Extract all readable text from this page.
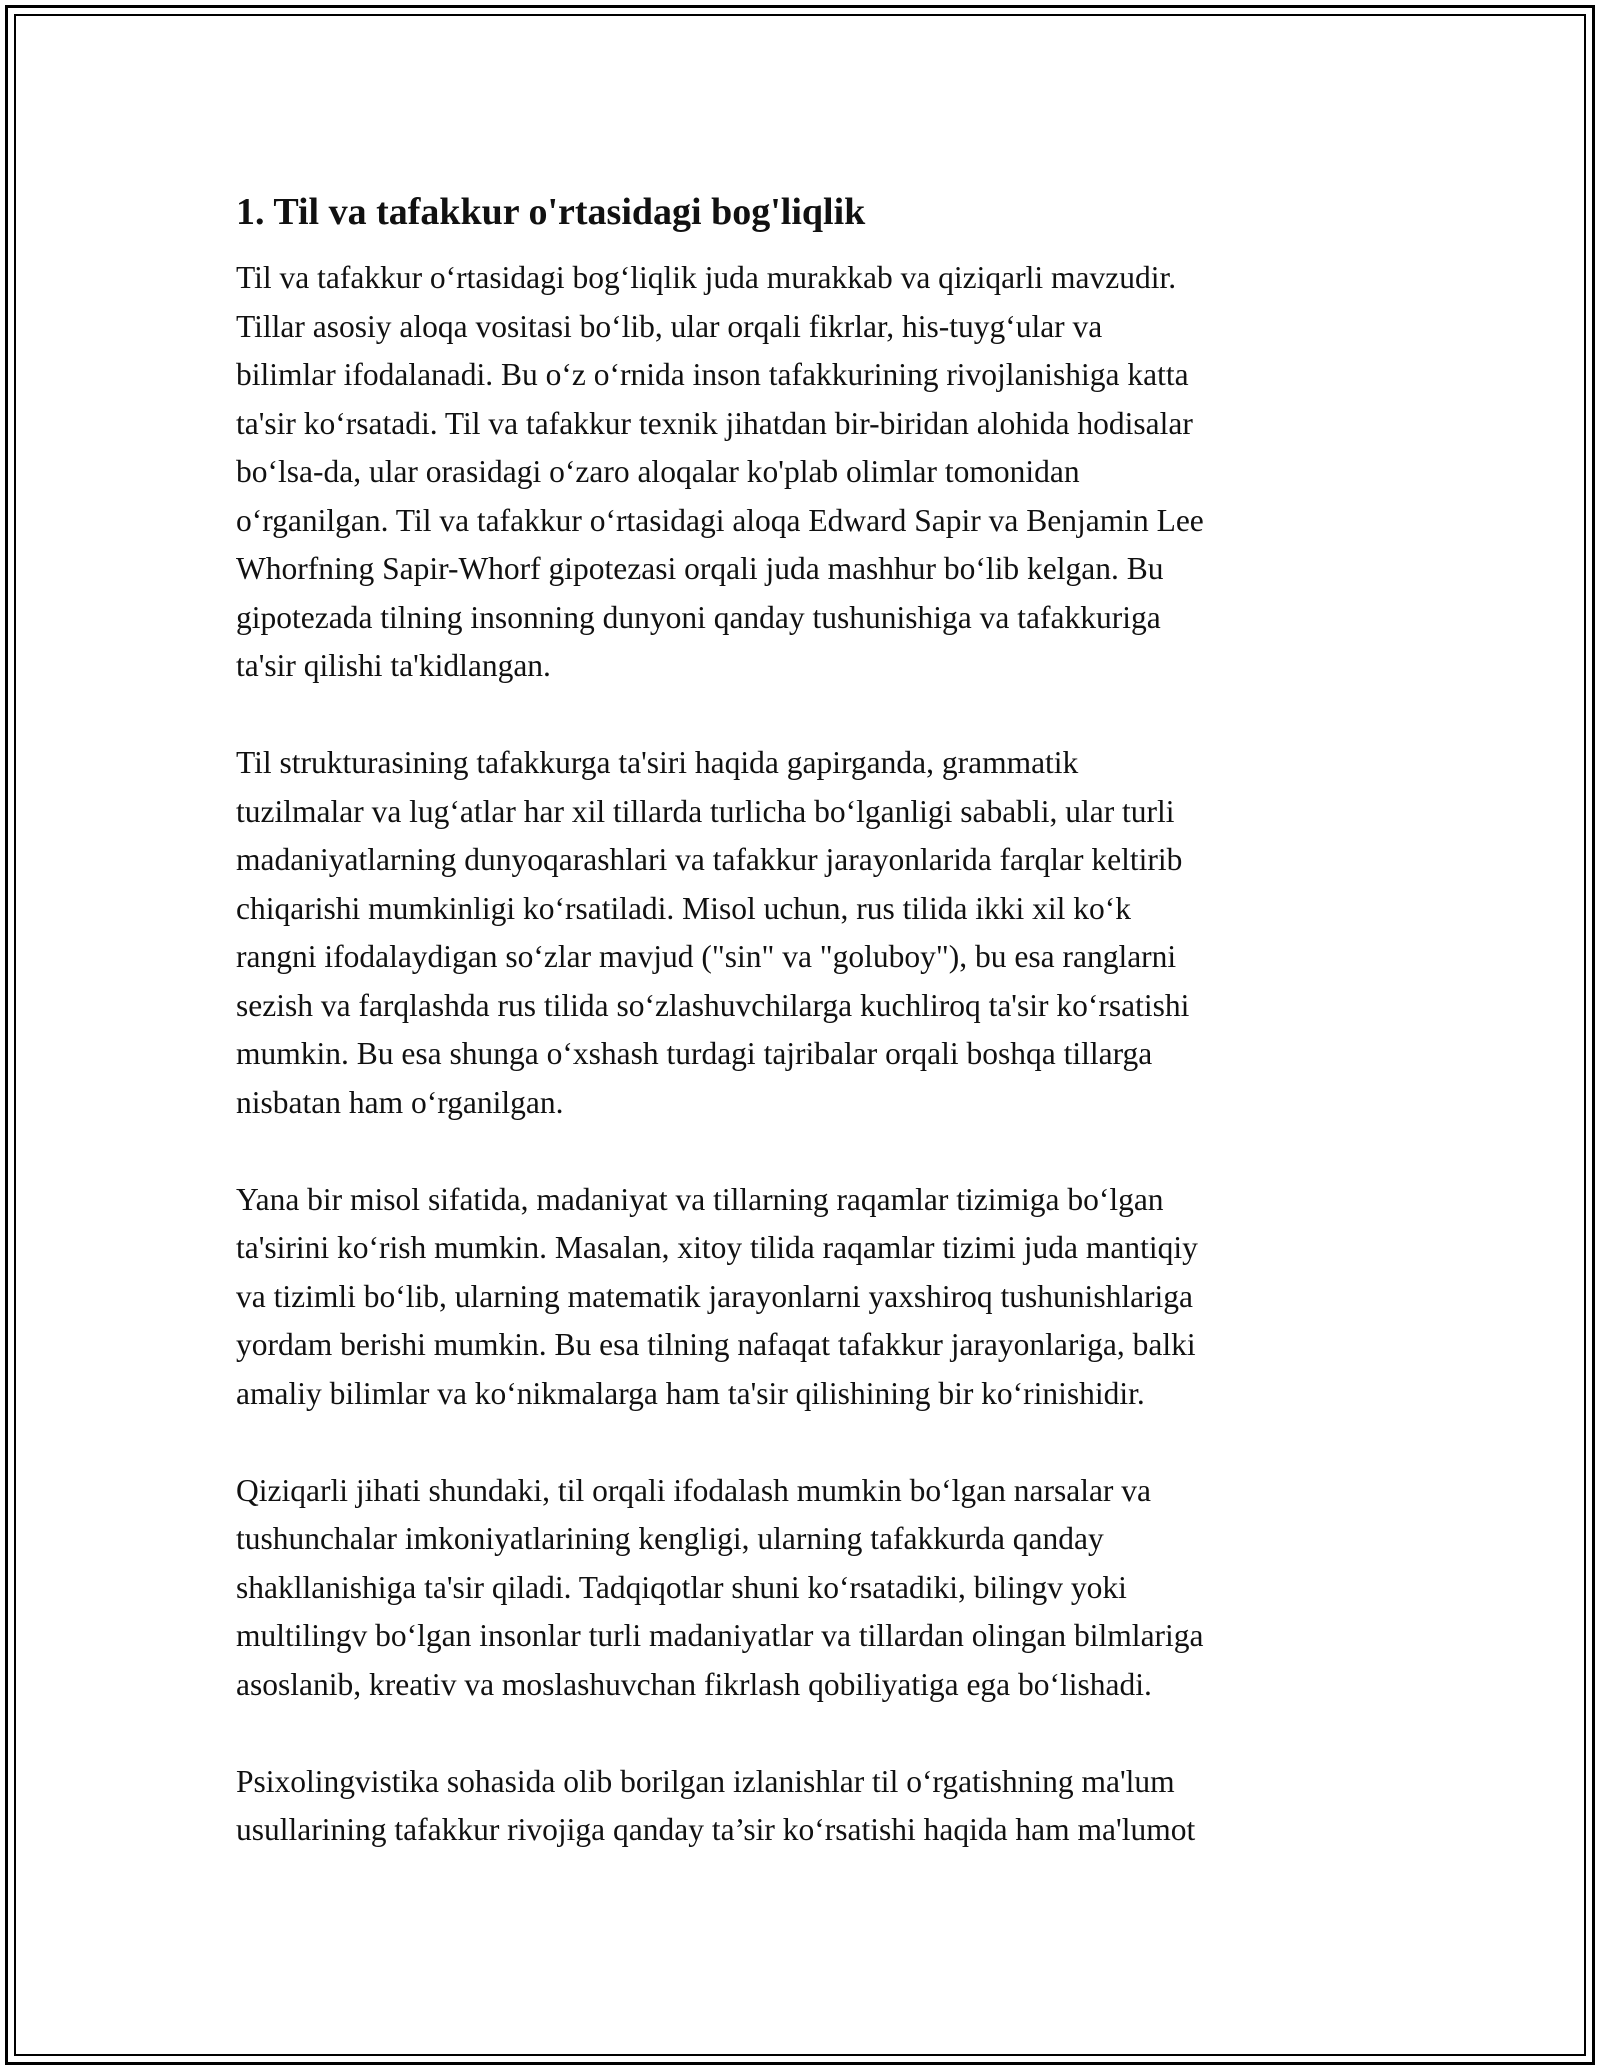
1. Til va tafakkur o'rtasidagi bog'liqlik

Til va tafakkur o‘rtasidagi bog‘liqlik juda murakkab va qiziqarli mavzudir.
Tillar asosiy aloqa vositasi bo‘lib, ular orqali fikrlar, his-tuyg‘ular va
bilimlar ifodalanadi. Bu o‘z o‘rnida inson tafakkurining rivojlanishiga katta
ta'sir ko‘rsatadi. Til va tafakkur texnik jihatdan bir-biridan alohida hodisalar
bo‘lsa-da, ular orasidagi o‘zaro aloqalar ko'plab olimlar tomonidan
o‘rganilgan. Til va tafakkur o‘rtasidagi aloqa Edward Sapir va Benjamin Lee
Whorfning Sapir-Whorf gipotezasi orqali juda mashhur bo‘lib kelgan. Bu
gipotezada tilning insonning dunyoni qanday tushunishiga va tafakkuriga
ta'sir qilishi ta'kidlangan.

Til strukturasining tafakkurga ta'siri haqida gapirganda, grammatik
tuzilmalar va lug‘atlar har xil tillarda turlicha bo‘lganligi sababli, ular turli
madaniyatlarning dunyoqarashlari va tafakkur jarayonlarida farqlar keltirib
chiqarishi mumkinligi ko‘rsatiladi. Misol uchun, rus tilida ikki xil ko‘k
rangni ifodalaydigan so‘zlar mavjud ("sin" va "goluboy"), bu esa ranglarni
sezish va farqlashda rus tilida so‘zlashuvchilarga kuchliroq ta'sir ko‘rsatishi
mumkin. Bu esa shunga o‘xshash turdagi tajribalar orqali boshqa tillarga
nisbatan ham o‘rganilgan.

Yana bir misol sifatida, madaniyat va tillarning raqamlar tizimiga bo‘lgan
ta'sirini ko‘rish mumkin. Masalan, xitoy tilida raqamlar tizimi juda mantiqiy
va tizimli bo‘lib, ularning matematik jarayonlarni yaxshiroq tushunishlariga
yordam berishi mumkin. Bu esa tilning nafaqat tafakkur jarayonlariga, balki
amaliy bilimlar va ko‘nikmalarga ham ta'sir qilishining bir ko‘rinishidir.

Qiziqarli jihati shundaki, til orqali ifodalash mumkin bo‘lgan narsalar va
tushunchalar imkoniyatlarining kengligi, ularning tafakkurda qanday
shakllanishiga ta'sir qiladi. Tadqiqotlar shuni ko‘rsatadiki, bilingv yoki
multilingv bo‘lgan insonlar turli madaniyatlar va tillardan olingan bilmlariga
asoslanib, kreativ va moslashuvchan fikrlash qobiliyatiga ega bo‘lishadi.

Psixolingvistika sohasida olib borilgan izlanishlar til o‘rgatishning ma'lum
usullarining tafakkur rivojiga qanday ta’sir ko‘rsatishi haqida ham ma'lumot
